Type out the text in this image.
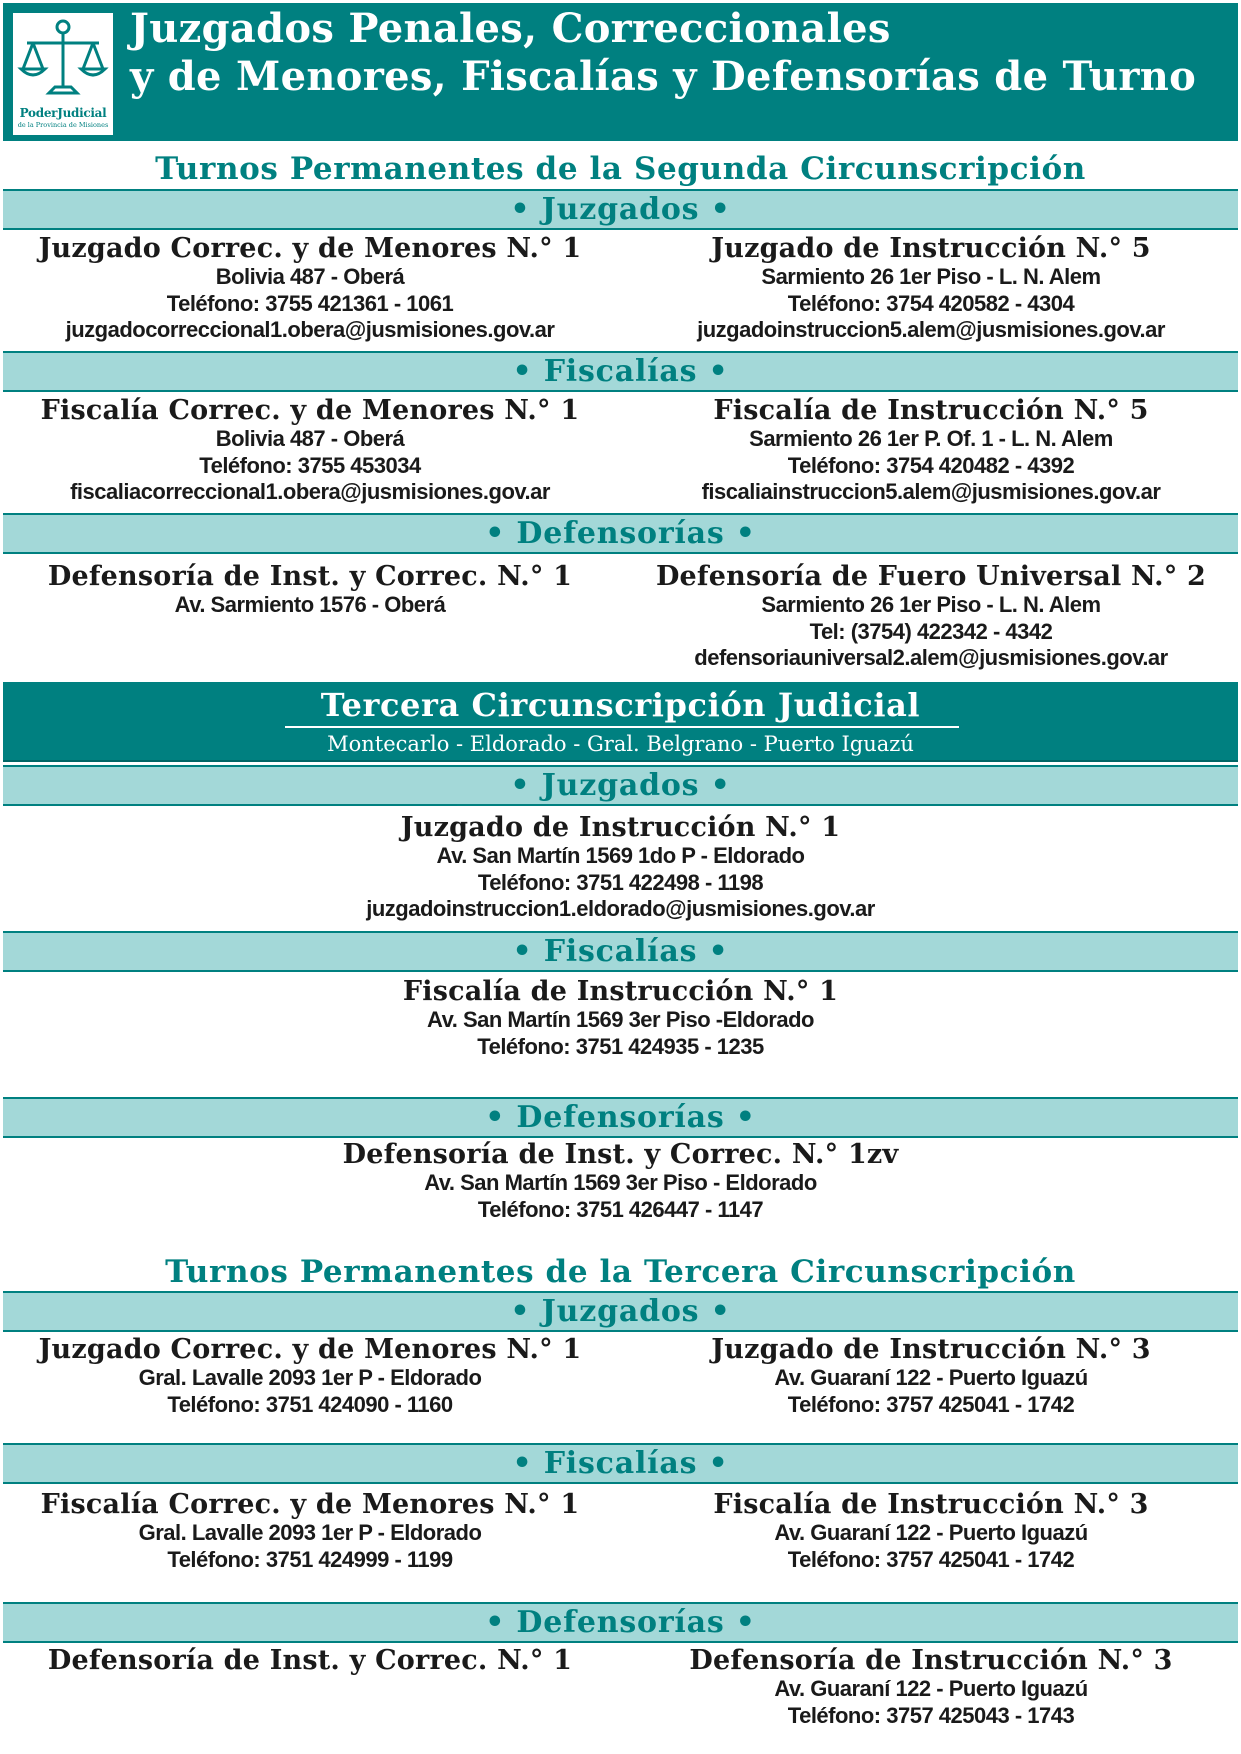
PoderJudicial
de la Provincia de Misiones
Juzgados Penales, Correccionales
y de Menores, Fiscalías y Defensorías de Turno
Turnos Permanentes de la Segunda Circunscripción
• Juzgados •
Juzgado Correc. y de Menores N.° 1
Bolivia 487 - Oberá
Teléfono: 3755 421361 - 1061
juzgadocorreccional1.obera@jusmisiones.gov.ar
Juzgado de Instrucción N.° 5
Sarmiento 26 1er Piso - L. N. Alem
Teléfono: 3754 420582 - 4304
juzgadoinstruccion5.alem@jusmisiones.gov.ar
• Fiscalías •
Fiscalía Correc. y de Menores N.° 1
Bolivia 487 - Oberá
Teléfono: 3755 453034
fiscaliacorreccional1.obera@jusmisiones.gov.ar
Fiscalía de Instrucción N.° 5
Sarmiento 26 1er P. Of. 1 - L. N. Alem
Teléfono: 3754 420482 - 4392
fiscaliainstruccion5.alem@jusmisiones.gov.ar
• Defensorías •
Defensoría de Inst. y Correc. N.° 1
Av. Sarmiento 1576 - Oberá
Defensoría de Fuero Universal N.° 2
Sarmiento 26 1er Piso - L. N. Alem
Tel: (3754) 422342 - 4342
defensoriauniversal2.alem@jusmisiones.gov.ar
Tercera Circunscripción Judicial
Montecarlo - Eldorado - Gral. Belgrano - Puerto Iguazú
• Juzgados •
Juzgado de Instrucción N.° 1
Av. San Martín 1569 1do P - Eldorado
Teléfono: 3751 422498 - 1198
juzgadoinstruccion1.eldorado@jusmisiones.gov.ar
• Fiscalías •
Fiscalía de Instrucción N.° 1
Av. San Martín 1569 3er Piso -Eldorado
Teléfono: 3751 424935 - 1235
• Defensorías •
Defensoría de Inst. y Correc. N.° 1zv
Av. San Martín 1569 3er Piso - Eldorado
Teléfono: 3751 426447 - 1147
Turnos Permanentes de la Tercera Circunscripción
• Juzgados •
Juzgado Correc. y de Menores N.° 1
Gral. Lavalle 2093 1er P - Eldorado
Teléfono: 3751 424090 - 1160
Juzgado de Instrucción N.° 3
Av. Guaraní 122 - Puerto Iguazú
Teléfono: 3757 425041 - 1742
• Fiscalías •
Fiscalía Correc. y de Menores N.° 1
Gral. Lavalle 2093 1er P - Eldorado
Teléfono: 3751 424999 - 1199
Fiscalía de Instrucción N.° 3
Av. Guaraní 122 - Puerto Iguazú
Teléfono: 3757 425041 - 1742
• Defensorías •
Defensoría de Inst. y Correc. N.° 1	Defensoría de Instrucción N.° 3
Av. Guaraní 122 - Puerto Iguazú
Teléfono: 3757 425043 - 1743
